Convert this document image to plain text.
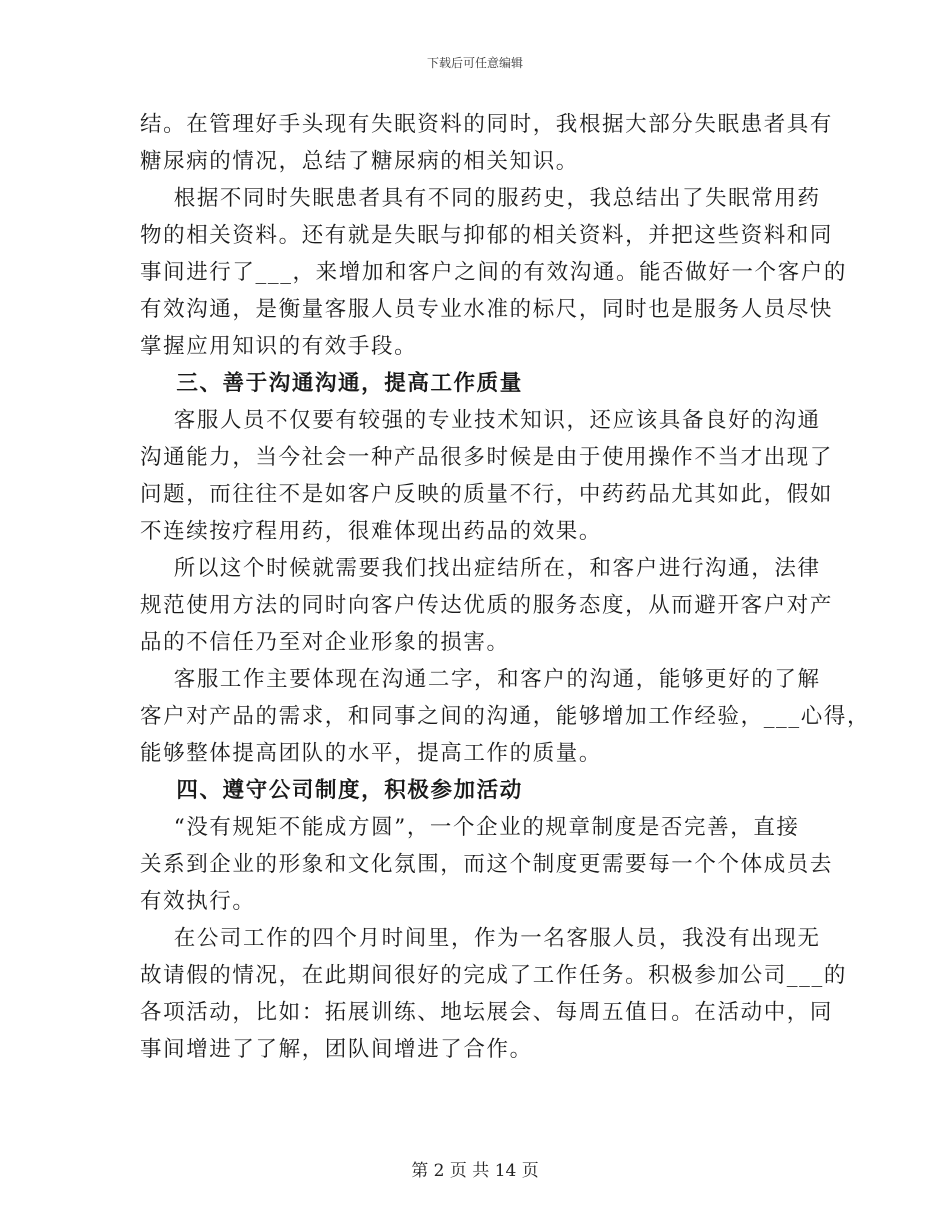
下载后可任意编辑
结。在管理好手头现有失眠资料的同时，我根据大部分失眠患者具有
糖尿病的情况，总结了糖尿病的相关知识。
根据不同时失眠患者具有不同的服药史，我总结出了失眠常用药
物的相关资料。还有就是失眠与抑郁的相关资料，并把这些资料和同
事间进行了___，来增加和客户之间的有效沟通。能否做好一个客户的
有效沟通，是衡量客服人员专业水准的标尺，同时也是服务人员尽快
掌握应用知识的有效手段。
三、善于沟通沟通，提高工作质量
客服人员不仅要有较强的专业技术知识，还应该具备良好的沟通
沟通能力，当今社会一种产品很多时候是由于使用操作不当才出现了
问题，而往往不是如客户反映的质量不行，中药药品尤其如此，假如
不连续按疗程用药，很难体现出药品的效果。
所以这个时候就需要我们找出症结所在，和客户进行沟通，法律
规范使用方法的同时向客户传达优质的服务态度，从而避开客户对产
品的不信任乃至对企业形象的损害。
客服工作主要体现在沟通二字，和客户的沟通，能够更好的了解
客户对产品的需求，和同事之间的沟通，能够增加工作经验，___心得，
能够整体提高团队的水平，提高工作的质量。
四、遵守公司制度，积极参加活动
“没有规矩不能成方圆”，一个企业的规章制度是否完善，直接
关系到企业的形象和文化氛围，而这个制度更需要每一个个体成员去
有效执行。
在公司工作的四个月时间里，作为一名客服人员，我没有出现无
故请假的情况，在此期间很好的完成了工作任务。积极参加公司___的
各项活动，比如：拓展训练、地坛展会、每周五值日。在活动中，同
事间增进了了解，团队间增进了合作。
第 2 页 共 14 页
